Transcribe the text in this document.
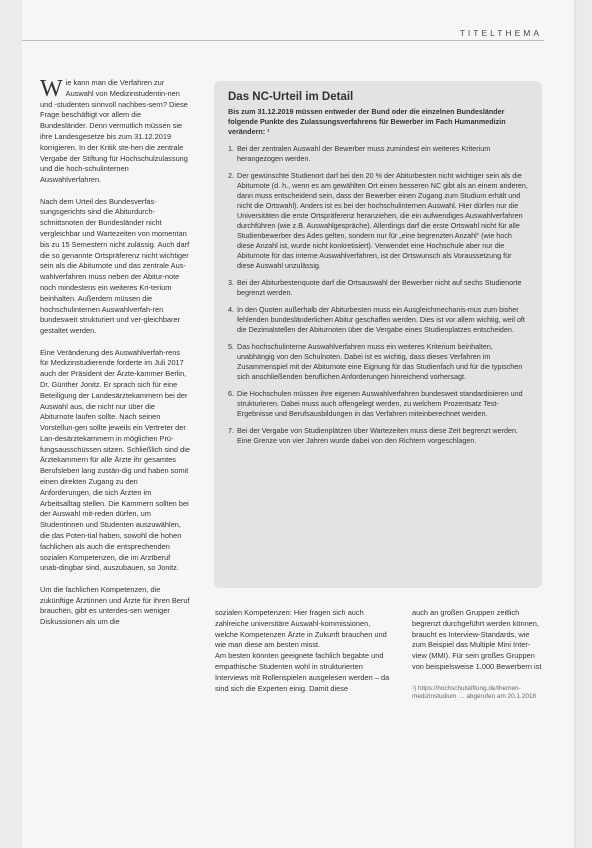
TITELTHEMA

Wie kann man die Verfahren zur Auswahl von Medizinstudentin-nen und -studenten sinnvoll nachbes-sern? Diese Frage beschäftigt vor allem die Bundesländer. Denn vermutlich müssen sie ihre Landesgesetze bis zum 31.12.2019 korrigieren. In der Kritik ste-hen die zentrale Vergabe der Stiftung für Hochschulzulassung und die hoch-schulinternen Auswahlverfahren.

Nach dem Urteil des Bundesverfas-sungsgerichts sind die Abiturdurch-schnittsnoten der Bundesländer nicht vergleichbar und Wartezeiten von momentan bis zu 15 Semestern nicht zulässig. Auch darf die so genannte Ortspräferenz nicht wichtiger sein als die Abiturnote und das zentrale Aus-wahlverfahren muss neben der Abitur-note noch mindestens ein weiteres Kri-terium beinhalten. Außerdem müssen die hochschulinternen Auswahlverfah-ren bundesweit strukturiert und ver-gleichbarer gestaltet werden.

Eine Veränderung des Auswahlverfah-rens für Medizinstudierende forderte im Juli 2017 auch der Präsident der Ärzte-kammer Berlin, Dr. Günther Jonitz. Er sprach sich für eine Beteiligung der Landesärztekammern bei der Auswahl aus, die nicht nur über die Abiturnote laufen sollte. Nach seinen Vorstellun-gen sollte jeweils ein Vertreter der Lan-desärztekammern in möglichen Prü-fungsausschüssen sitzen. Schließlich sind die Ärztekammern für alle Ärzte ihr gesamtes Berufsleben lang zustän-dig und haben somit einen direkten Zugang zu den Anforderungen, die sich Ärzten im Arbeitsalltag stellen. Die Kammern sollten bei der Auswahl mit-reden dürfen, um Studentinnen und Studenten auszuwählen, die das Poten-tial haben, sowohl die hohen fachlichen als auch die entsprechenden sozialen Kompetenzen, die im Arztberuf unab-dingbar sind, auszubauen, so Jonitz.

Um die fachlichen Kompetenzen, die zukünftige Ärztinnen und Ärzte für ihren Beruf brauchen, gibt es unterdes-sen weniger Diskussionen als um die

Das NC-Urteil im Detail

Bis zum 31.12.2019 müssen entweder der Bund oder die einzelnen Bundesländer folgende Punkte des Zulassungsverfahrens für Bewerber im Fach Humanmedizin verändern: ¹

1. Bei der zentralen Auswahl der Bewerber muss zumindest ein weiteres Kriterium herangezogen werden.
2. Der gewünschte Studienort darf bei den 20 % der Abiturbesten nicht wichtiger sein als die Abiturnote (d. h., wenn es am gewählten Ort einen besseren NC gibt als an einem anderen, dann muss entscheidend sein, dass der Bewerber einen Zugang zum Studium erhält und nicht die Ortswahl). Anders ist es bei der hochschulinternen Auswahl. Hier dürfen nur die Universitäten die erste Ortspräferenz heranziehen, die ein aufwendiges Auswahlverfahren durchführen (wie z.B. Auswahlgespräche). Allerdings darf die erste Ortswahl nicht für alle Studienbewerber des Ades gelten, sondern nur für „eine begrenzten Anzahl“ (wie hoch diese Anzahl ist, wurde nicht konkretisiert). Verwendet eine Hochschule aber nur die Abiturnote für das interne Auswahlverfahren, ist der Ortswunsch als Voraussetzung für diese Auswahl unzulässig.
3. Bei der Abiturbestenquote darf die Ortsauswahl der Bewerber nicht auf sechs Studienorte begrenzt werden.
4. In den Quoten außerhalb der Abiturbesten muss ein Ausgleichmechanis-mus zum bisher fehlenden bundesländerlichen Abitur geschaffen werden. Dies ist vor allem wichtig, weil oft die Dezimalstellen der Abiturnoten über die Vergabe eines Studienplatzes entscheiden.
5. Das hochschulinterne Auswahlverfahren muss ein weiteres Kriterium beinhalten, unabhängig von den Schulnoten. Dabei ist es wichtig, dass dieses Verfahren im Zusammenspiel mit der Abiturnote eine Eignung für das Studienfach und für die typischen sich anschließenden beruflichen Anforderungen hinreichend vorhersagt.
6. Die Hochschulen müssen ihre eigenen Auswahlverfahren bundesweit standardisieren und strukturieren. Dabei muss auch offengelegt werden, zu welchem Prozentsatz Test-Ergebnisse und Berufsausbildungen in das Verfahren miteinberechnet werden.
7. Bei der Vergabe von Studienplätzen über Wartezeiten muss diese Zeit begrenzt werden. Eine Grenze von vier Jahren wurde dabei von den Richtern vorgeschlagen.

sozialen Kompetenzen: Hier fragen sich auch zahlreiche universitäre Auswahl-kommissionen, welche Kompetenzen Ärzte in Zukunft brauchen und wie man diese am besten misst.

Am besten könnten geeignete fachlich begabte und empathische Studenten wohl in strukturierten Interviews mit Rollenspielen ausgelesen werden – da sind sich die Experten einig. Damit diese

auch an großen Gruppen zeitlich begrenzt durchgeführt werden können, braucht es Interview-Standards, wie zum Beispiel das Multiple Mini Inter-view (MMI). Für sein großes Gruppen von beispielsweise 1.000 Bewerbern ist

¹) https://hochschulstiftung.de/themen-medizinstudium … abgerufen am 20.1.2018
